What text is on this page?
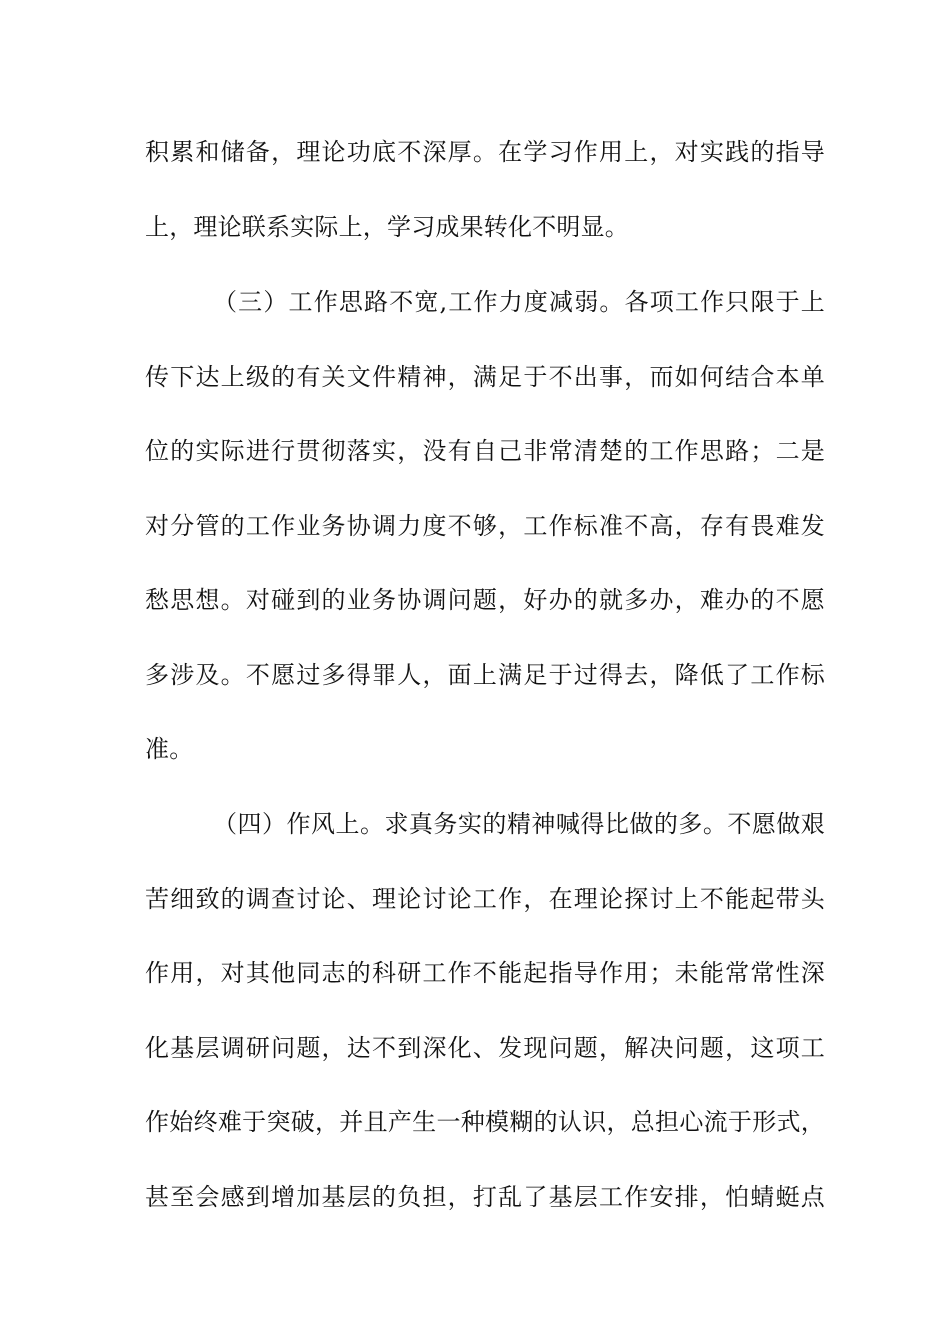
积累和储备，理论功底不深厚。在学习作用上，对实践的指导
上，理论联系实际上，学习成果转化不明显。
（三）工作思路不宽,工作力度减弱。各项工作只限于上
传下达上级的有关文件精神，满足于不出事，而如何结合本单
位的实际进行贯彻落实，没有自己非常清楚的工作思路；二是
对分管的工作业务协调力度不够，工作标准不高，存有畏难发
愁思想。对碰到的业务协调问题，好办的就多办，难办的不愿
多涉及。不愿过多得罪人，面上满足于过得去，降低了工作标
准。
（四）作风上。求真务实的精神喊得比做的多。不愿做艰
苦细致的调查讨论、理论讨论工作，在理论探讨上不能起带头
作用，对其他同志的科研工作不能起指导作用；未能常常性深
化基层调研问题，达不到深化、发现问题，解决问题，这项工
作始终难于突破，并且产生一种模糊的认识，总担心流于形式，
甚至会感到增加基层的负担，打乱了基层工作安排，怕蜻蜓点
